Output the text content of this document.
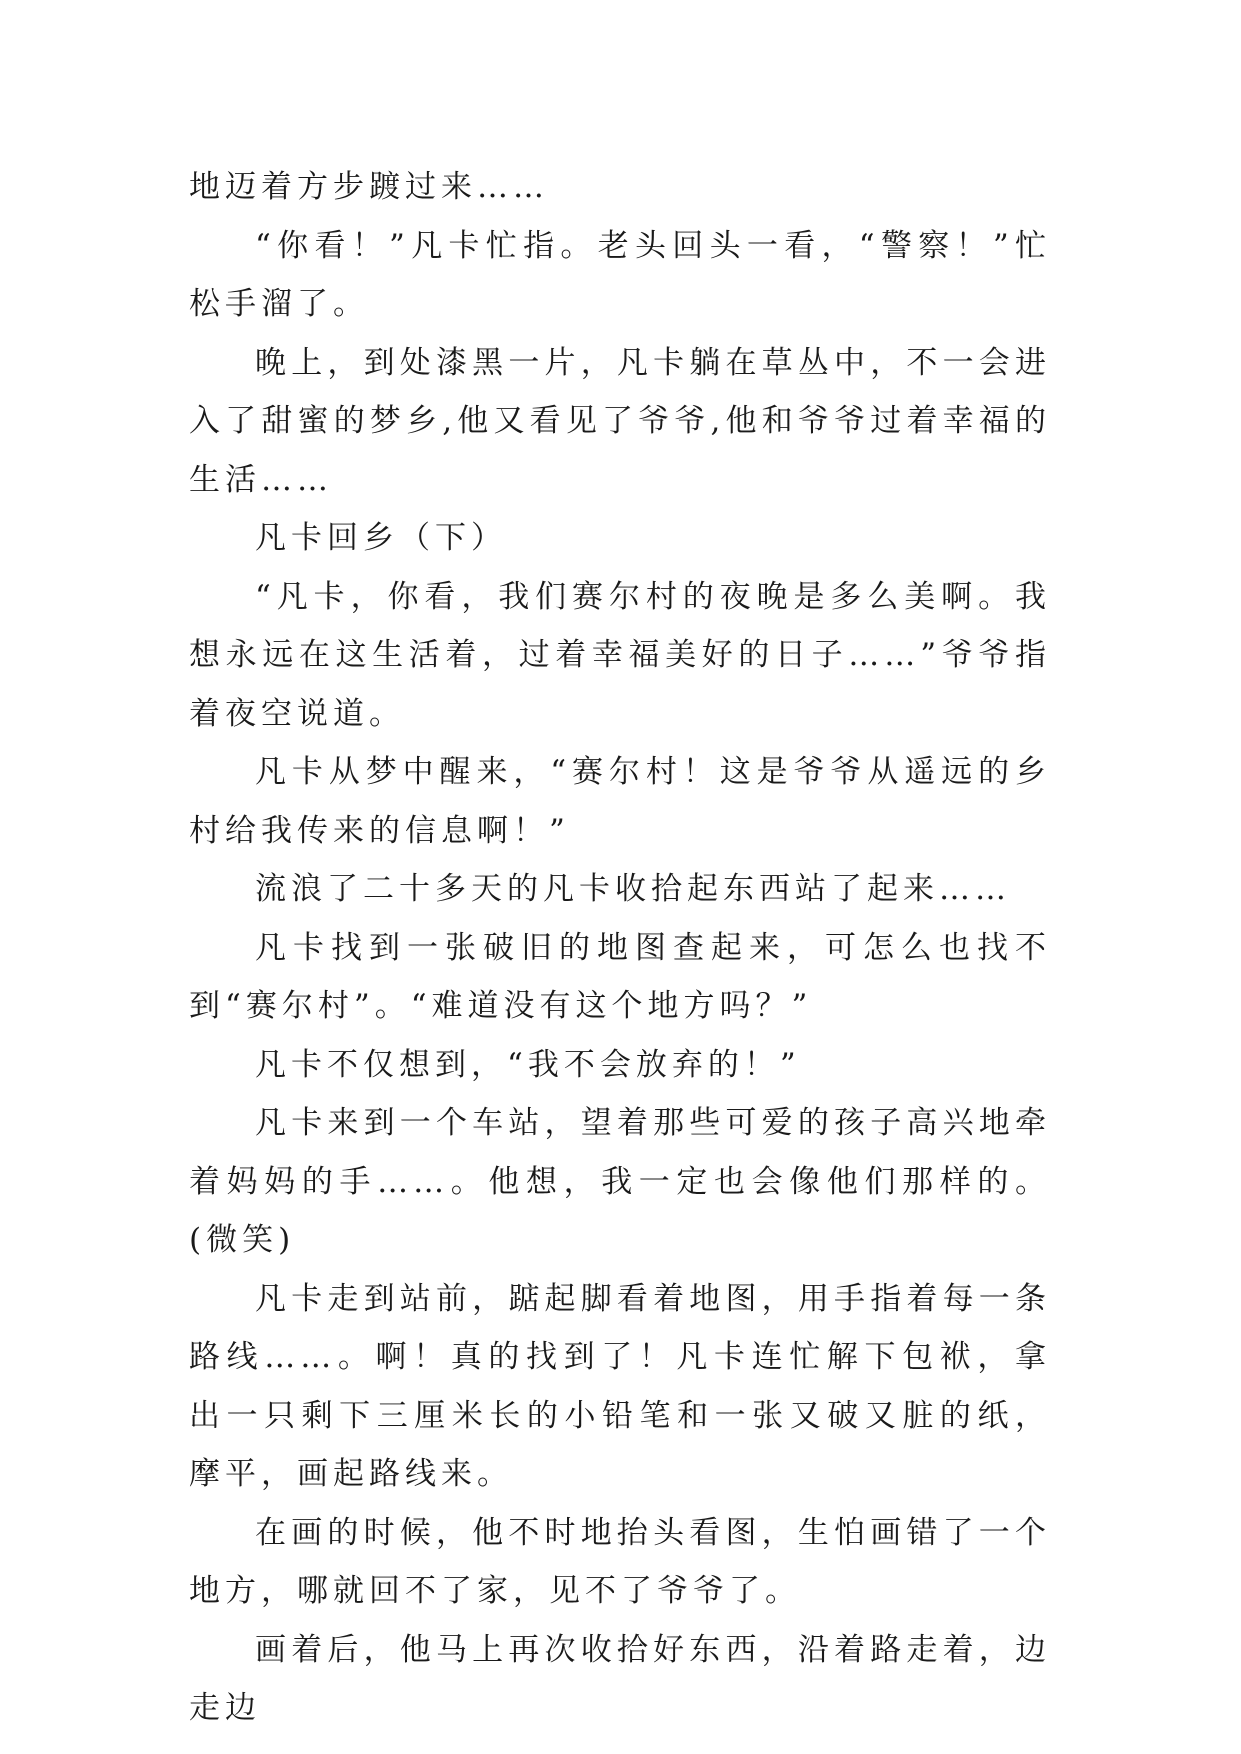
地迈着方步踱过来……

“你看！”凡卡忙指。老头回头一看，“警察！”忙松手溜了。

晚上，到处漆黑一片，凡卡躺在草丛中，不一会进入了甜蜜的梦乡,他又看见了爷爷,他和爷爷过着幸福的生活……

凡卡回乡（下）

“凡卡，你看，我们赛尔村的夜晚是多么美啊。我想永远在这生活着，过着幸福美好的日子……”爷爷指着夜空说道。

凡卡从梦中醒来，“赛尔村！这是爷爷从遥远的乡村给我传来的信息啊！”

流浪了二十多天的凡卡收拾起东西站了起来……

凡卡找到一张破旧的地图查起来，可怎么也找不到“赛尔村”。“难道没有这个地方吗？”

凡卡不仅想到，“我不会放弃的！”

凡卡来到一个车站，望着那些可爱的孩子高兴地牵着妈妈的手……。他想，我一定也会像他们那样的。(微笑)

凡卡走到站前，踮起脚看着地图，用手指着每一条路线……。啊！真的找到了！凡卡连忙解下包袱，拿出一只剩下三厘米长的小铅笔和一张又破又脏的纸，摩平，画起路线来。

在画的时候，他不时地抬头看图，生怕画错了一个地方，哪就回不了家，见不了爷爷了。

画着后，他马上再次收拾好东西，沿着路走着，边走边
